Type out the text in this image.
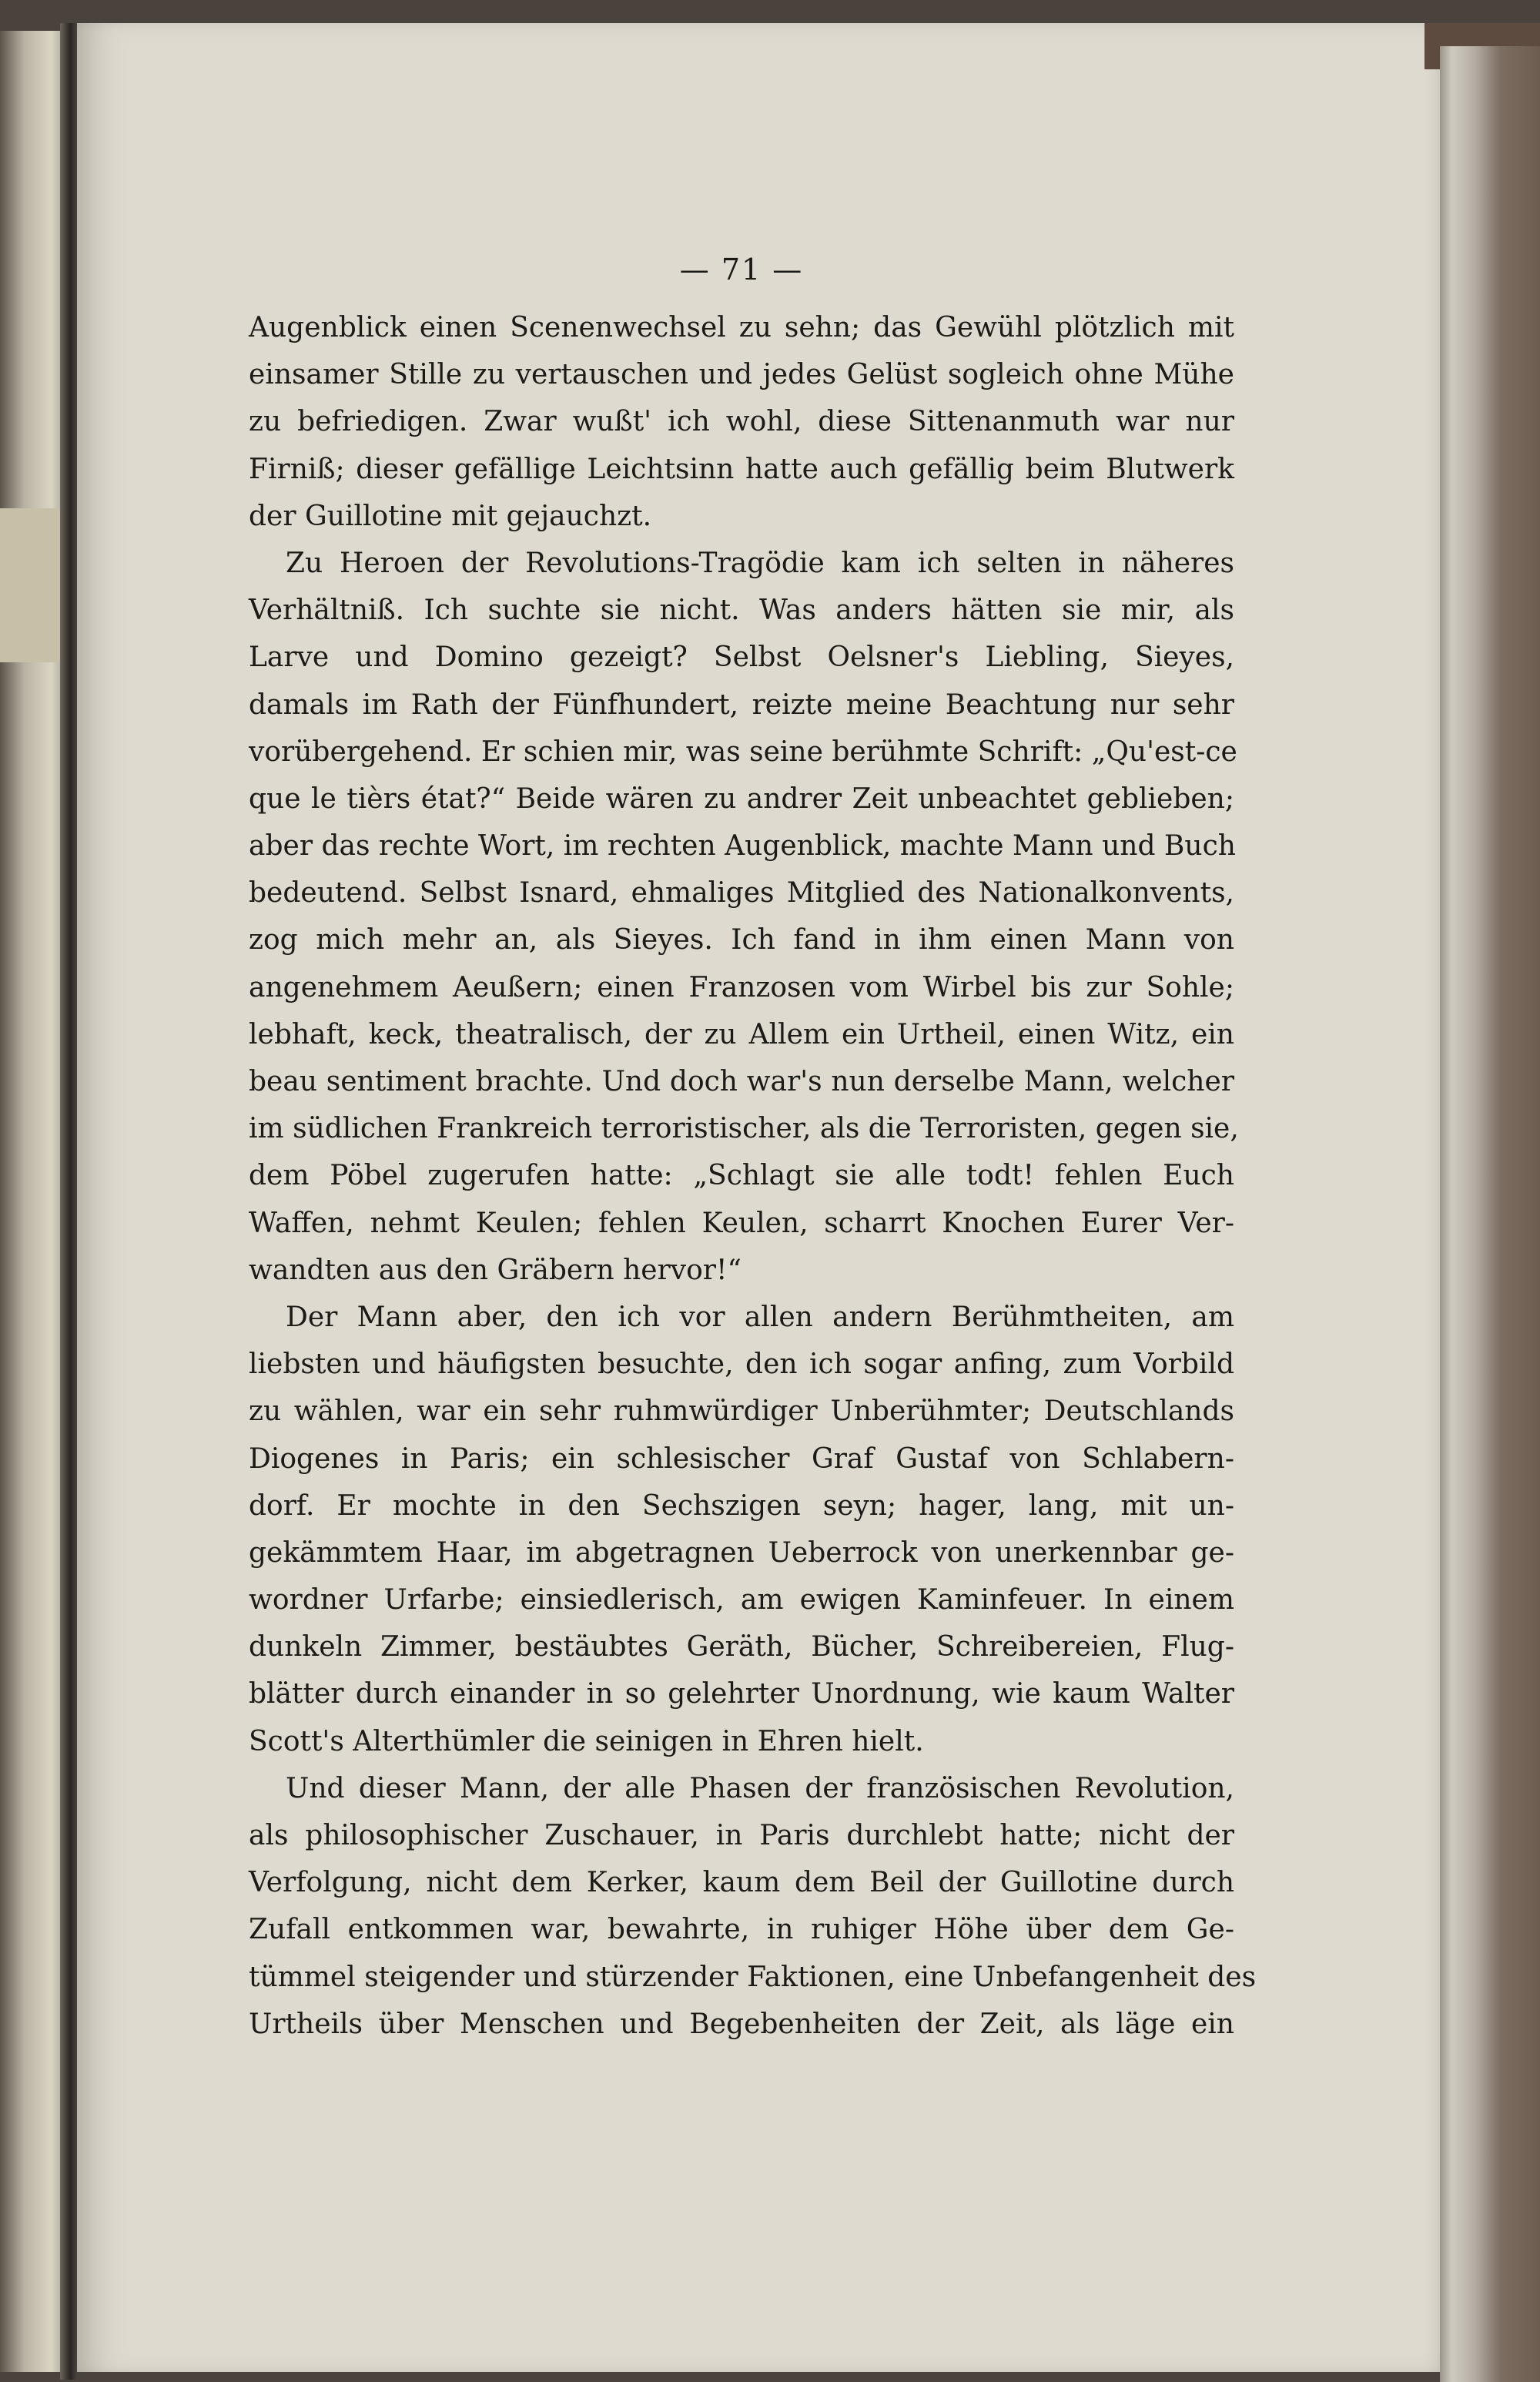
— 71 —
Augenblick einen Scenenwechsel zu sehn; das Gewühl plötzlich mit
einsamer Stille zu vertauschen und jedes Gelüst sogleich ohne Mühe
zu befriedigen. Zwar wußt' ich wohl, diese Sittenanmuth war nur
Firniß; dieser gefällige Leichtsinn hatte auch gefällig beim Blutwerk
der Guillotine mit gejauchzt.
Zu Heroen der Revolutions-Tragödie kam ich selten in näheres
Verhältniß. Ich suchte sie nicht. Was anders hätten sie mir, als
Larve und Domino gezeigt? Selbst Oelsner's Liebling, Sieyes,
damals im Rath der Fünfhundert, reizte meine Beachtung nur sehr
vorübergehend. Er schien mir, was seine berühmte Schrift: „Qu'est-ce
que le tièrs état?“ Beide wären zu andrer Zeit unbeachtet geblieben;
aber das rechte Wort, im rechten Augenblick, machte Mann und Buch
bedeutend. Selbst Isnard, ehmaliges Mitglied des Nationalkonvents,
zog mich mehr an, als Sieyes. Ich fand in ihm einen Mann von
angenehmem Aeußern; einen Franzosen vom Wirbel bis zur Sohle;
lebhaft, keck, theatralisch, der zu Allem ein Urtheil, einen Witz, ein
beau sentiment brachte. Und doch war's nun derselbe Mann, welcher
im südlichen Frankreich terroristischer, als die Terroristen, gegen sie,
dem Pöbel zugerufen hatte: „Schlagt sie alle todt! fehlen Euch
Waffen, nehmt Keulen; fehlen Keulen, scharrt Knochen Eurer Ver-
wandten aus den Gräbern hervor!“
Der Mann aber, den ich vor allen andern Berühmtheiten, am
liebsten und häufigsten besuchte, den ich sogar anfing, zum Vorbild
zu wählen, war ein sehr ruhmwürdiger Unberühmter; Deutschlands
Diogenes in Paris; ein schlesischer Graf Gustaf von Schlabern-
dorf. Er mochte in den Sechszigen seyn; hager, lang, mit un-
gekämmtem Haar, im abgetragnen Ueberrock von unerkennbar ge-
wordner Urfarbe; einsiedlerisch, am ewigen Kaminfeuer. In einem
dunkeln Zimmer, bestäubtes Geräth, Bücher, Schreibereien, Flug-
blätter durch einander in so gelehrter Unordnung, wie kaum Walter
Scott's Alterthümler die seinigen in Ehren hielt.
Und dieser Mann, der alle Phasen der französischen Revolution,
als philosophischer Zuschauer, in Paris durchlebt hatte; nicht der
Verfolgung, nicht dem Kerker, kaum dem Beil der Guillotine durch
Zufall entkommen war, bewahrte, in ruhiger Höhe über dem Ge-
tümmel steigender und stürzender Faktionen, eine Unbefangenheit des
Urtheils über Menschen und Begebenheiten der Zeit, als läge ein
